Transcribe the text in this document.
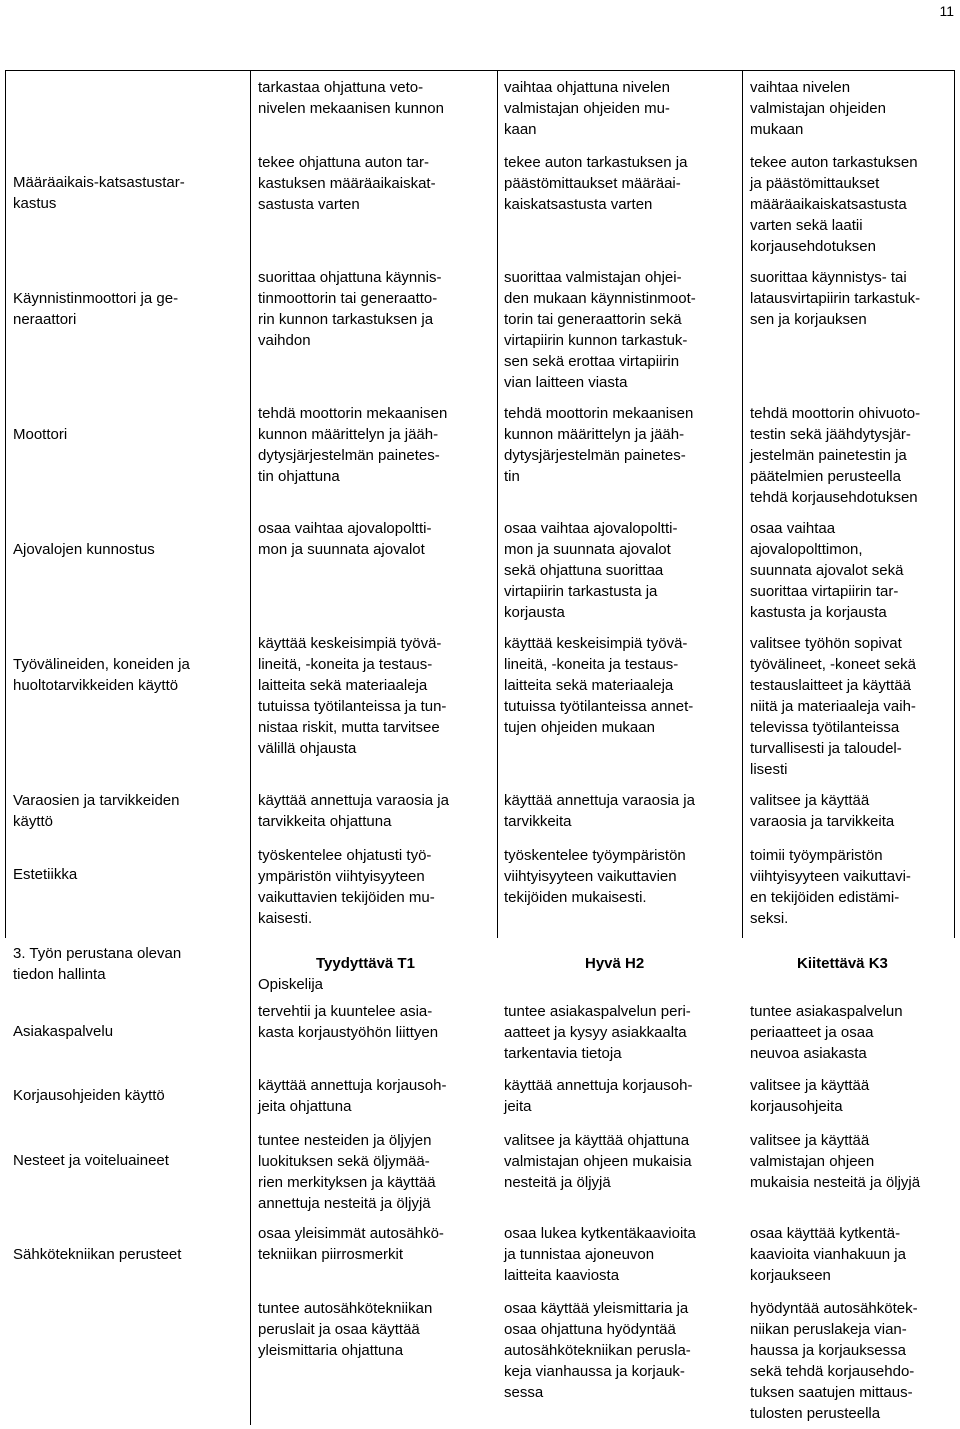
11
tarkastaa ohjattuna veto-
nivelen mekaanisen kunnon
vaihtaa ohjattuna nivelen
valmistajan ohjeiden mu-
kaan
vaihtaa nivelen
valmistajan ohjeiden
mukaan
Määräaikais-katsastustar-
kastus
tekee ohjattuna auton tar-
kastuksen määräaikaiskat-
sastusta varten
tekee auton tarkastuksen ja
päästömittaukset määräai-
kaiskatsastusta varten
tekee auton tarkastuksen
ja päästömittaukset
määräaikaiskatsastusta
varten sekä laatii
korjausehdotuksen
Käynnistinmoottori ja ge-
neraattori
suorittaa ohjattuna käynnis-
tinmoottorin tai generaatto-
rin kunnon tarkastuksen ja
vaihdon
suorittaa valmistajan ohjei-
den mukaan käynnistinmoot-
torin tai generaattorin sekä
virtapiirin kunnon tarkastuk-
sen sekä erottaa virtapiirin
vian laitteen viasta
suorittaa käynnistys- tai
latausvirtapiirin tarkastuk-
sen ja korjauksen
Moottori
tehdä moottorin mekaanisen
kunnon määrittelyn ja jääh-
dytysjärjestelmän painetes-
tin ohjattuna
tehdä moottorin mekaanisen
kunnon määrittelyn ja jääh-
dytysjärjestelmän painetes-
tin
tehdä moottorin ohivuoto-
testin sekä jäähdytysjär-
jestelmän painetestin ja
päätelmien perusteella
tehdä korjausehdotuksen
Ajovalojen kunnostus
osaa vaihtaa ajovalopoltti-
mon ja suunnata ajovalot
osaa vaihtaa ajovalopoltti-
mon ja suunnata ajovalot
sekä ohjattuna suorittaa
virtapiirin tarkastusta ja
korjausta
osaa vaihtaa
ajovalopolttimon,
suunnata ajovalot sekä
suorittaa virtapiirin tar-
kastusta ja korjausta
Työvälineiden, koneiden ja
huoltotarvikkeiden käyttö
käyttää keskeisimpiä työvä-
lineitä, -koneita ja testaus-
laitteita sekä materiaaleja
tutuissa työtilanteissa ja tun-
nistaa riskit, mutta tarvitsee
välillä ohjausta
käyttää keskeisimpiä työvä-
lineitä, -koneita ja testaus-
laitteita sekä materiaaleja
tutuissa työtilanteissa annet-
tujen ohjeiden mukaan
valitsee työhön sopivat
työvälineet, -koneet sekä
testauslaitteet ja käyttää
niitä ja materiaaleja vaih-
televissa työtilanteissa
turvallisesti ja taloudel-
lisesti
Varaosien ja tarvikkeiden
käyttö
käyttää annettuja varaosia ja
tarvikkeita ohjattuna
käyttää annettuja varaosia ja
tarvikkeita
valitsee ja käyttää
varaosia ja tarvikkeita
Estetiikka
työskentelee ohjatusti työ-
ympäristön viihtyisyyteen
vaikuttavien tekijöiden mu-
kaisesti.
työskentelee työympäristön
viihtyisyyteen vaikuttavien
tekijöiden mukaisesti.
toimii työympäristön
viihtyisyyteen vaikuttavi-
en tekijöiden edistämi-
seksi.
3. Työn perustana olevan
tiedon hallinta
Tyydyttävä T1	Hyvä H2	Kiitettävä K3
Opiskelija
Asiakaspalvelu
tervehtii ja kuuntelee asia-
kasta korjaustyöhön liittyen
tuntee asiakaspalvelun peri-
aatteet ja kysyy asiakkaalta
tarkentavia tietoja
tuntee asiakaspalvelun
periaatteet ja osaa
neuvoa asiakasta
Korjausohjeiden käyttö
käyttää annettuja korjausoh-
jeita ohjattuna
käyttää annettuja korjausoh-
jeita
valitsee ja käyttää
korjausohjeita
Nesteet ja voiteluaineet
tuntee nesteiden ja öljyjen
luokituksen sekä öljymää-
rien merkityksen ja käyttää
annettuja nesteitä ja öljyjä
valitsee ja käyttää ohjattuna
valmistajan ohjeen mukaisia
nesteitä ja öljyjä
valitsee ja käyttää
valmistajan ohjeen
mukaisia nesteitä ja öljyjä
Sähkötekniikan perusteet
osaa yleisimmät autosähkö-
tekniikan piirrosmerkit
osaa lukea kytkentäkaavioita
ja tunnistaa ajoneuvon
laitteita kaaviosta
osaa käyttää kytkentä-
kaavioita vianhakuun ja
korjaukseen
tuntee autosähkötekniikan
peruslait ja osaa käyttää
yleismittaria ohjattuna
osaa käyttää yleismittaria ja
osaa ohjattuna hyödyntää
autosähkötekniikan perusla-
keja vianhaussa ja korjauk-
sessa
hyödyntää autosähkötek-
niikan peruslakeja vian-
haussa ja korjauksessa
sekä tehdä korjausehdo-
tuksen saatujen mittaus-
tulosten perusteella
